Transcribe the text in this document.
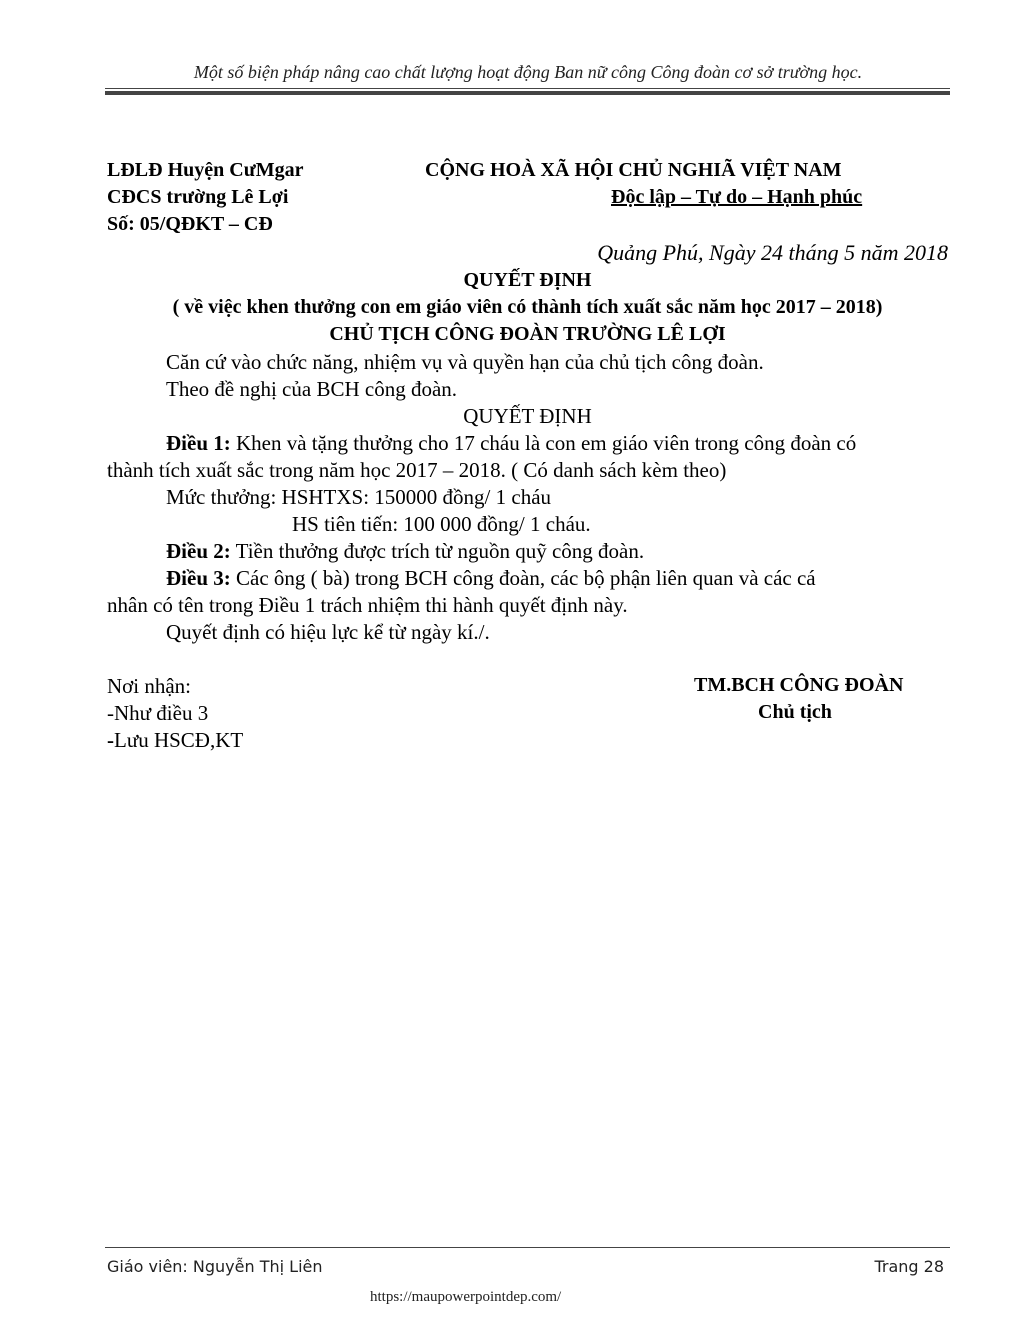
Một số biện pháp nâng cao chất lượng hoạt động Ban nữ công Công đoàn cơ sở trường học.
LĐLĐ Huyện CưMgar
CĐCS trường Lê Lợi
Số: 05/QĐKT – CĐ
CỘNG HOÀ XÃ HỘI CHỦ NGHIÃ VIỆT NAM
Độc lập – Tự do – Hạnh phúc
Quảng Phú, Ngày 24 tháng 5 năm 2018
QUYẾT ĐỊNH
( về việc khen thưởng con em giáo viên có thành tích xuất sắc năm học 2017 – 2018)
CHỦ TỊCH CÔNG ĐOÀN TRƯỜNG LÊ LỢI
Căn cứ vào chức năng, nhiệm vụ và quyền hạn của chủ tịch công đoàn.
Theo đề nghị của BCH công đoàn.
QUYẾT ĐỊNH
Điều 1: Khen và tặng thưởng cho 17 cháu là con em giáo viên trong công đoàn có
thành tích xuất sắc trong năm học 2017 – 2018. ( Có danh sách kèm theo)
Mức thưởng: HSHTXS: 150000 đồng/ 1 cháu
HS tiên tiến: 100 000 đồng/ 1 cháu.
Điều 2: Tiền thưởng được trích từ nguồn quỹ công đoàn.
Điều 3: Các ông ( bà) trong BCH công đoàn, các bộ phận liên quan và các cá
nhân có tên trong Điều 1 trách nhiệm thi hành quyết định này.
Quyết định có hiệu lực kể từ ngày kí./.
Nơi nhận:
-Như điều 3
-Lưu HSCĐ,KT
TM.BCH CÔNG ĐOÀN
Chủ tịch
Giáo viên: Nguyễn Thị Liên	Trang 28
https://maupowerpointdep.com/
